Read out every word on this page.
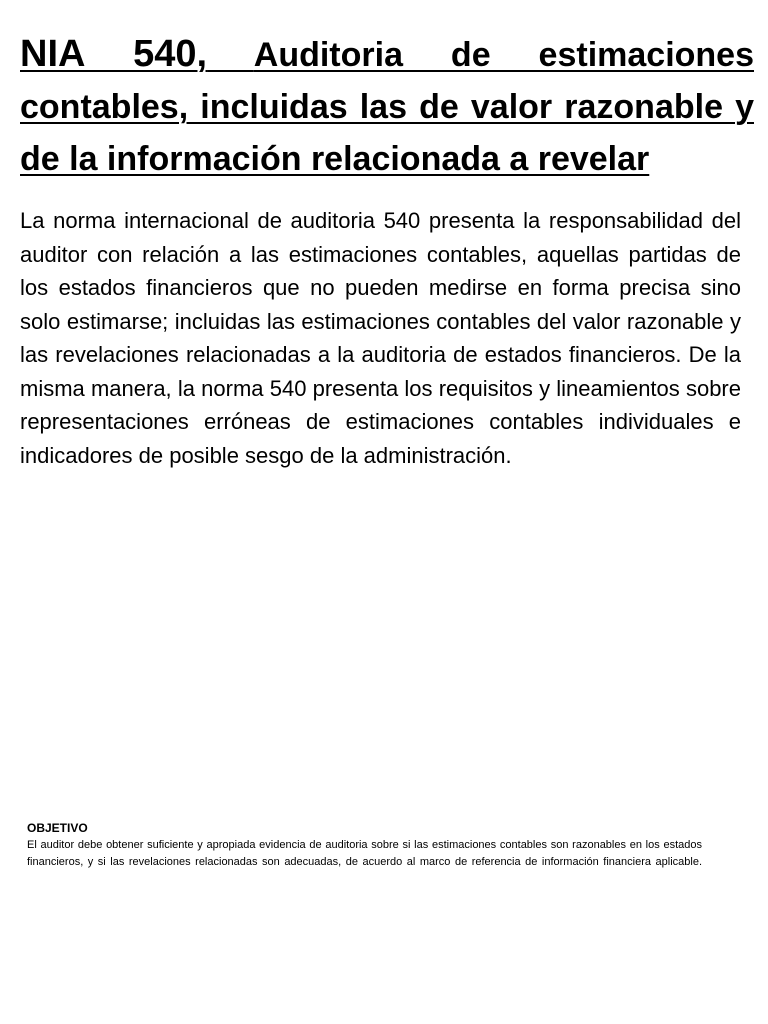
NIA 540, Auditoria de estimaciones contables, incluidas las de valor razonable y de la información relacionada a revelar

La norma internacional de auditoria 540 presenta la responsabilidad del auditor con relación a las estimaciones contables, aquellas partidas de los estados financieros que no pueden medirse en forma precisa sino solo estimarse; incluidas las estimaciones contables del valor razonable y las revelaciones relacionadas a la auditoria de estados financieros. De la misma manera, la norma 540 presenta los requisitos y lineamientos sobre representaciones erróneas de estimaciones contables individuales e indicadores de posible sesgo de la administración.

OBJETIVO

El auditor debe obtener suficiente y apropiada evidencia de auditoria sobre si las estimaciones contables son razonables en los estados financieros, y si las revelaciones relacionadas son adecuadas, de acuerdo al marco de referencia de información financiera aplicable.
